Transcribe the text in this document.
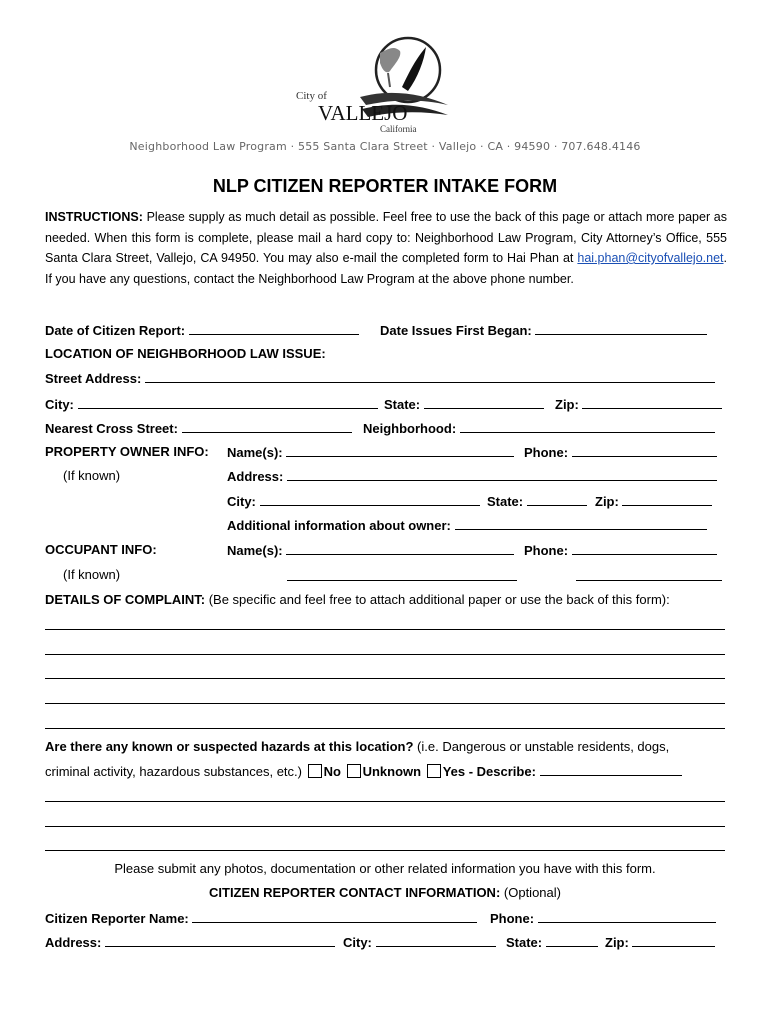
City of
VALLEJO
California
Neighborhood Law Program · 555 Santa Clara Street · Vallejo · CA · 94590 · 707.648.4146
NLP CITIZEN REPORTER INTAKE FORM
INSTRUCTIONS: Please supply as much detail as possible. Feel free to use the back of this page or attach more paper as needed. When this form is complete, please mail a hard copy to: Neighborhood Law Program, City Attorney’s Office, 555 Santa Clara Street, Vallejo, CA 94950. You may also e-mail the completed form to Hai Phan at hai.phan@cityofvallejo.net. If you have any questions, contact the Neighborhood Law Program at the above phone number.
Date of Citizen Report:	Date Issues First Began:
LOCATION OF NEIGHBORHOOD LAW ISSUE:
Street Address:
City:	State:	Zip:
Nearest Cross Street:	Neighborhood:
PROPERTY OWNER INFO: Name(s):	Phone:
(If known)	Address:
City:	State:	Zip:
Additional information about owner:
OCCUPANT INFO:	Name(s):	Phone:
(If known)
DETAILS OF COMPLAINT: (Be specific and feel free to attach additional paper or use the back of this form):
Are there any known or suspected hazards at this location? (i.e. Dangerous or unstable residents, dogs,
criminal activity, hazardous substances, etc.) No Unknown Yes - Describe:
Please submit any photos, documentation or other related information you have with this form.
CITIZEN REPORTER CONTACT INFORMATION: (Optional)
Citizen Reporter Name:	Phone:
Address:	City:	State:	Zip:
